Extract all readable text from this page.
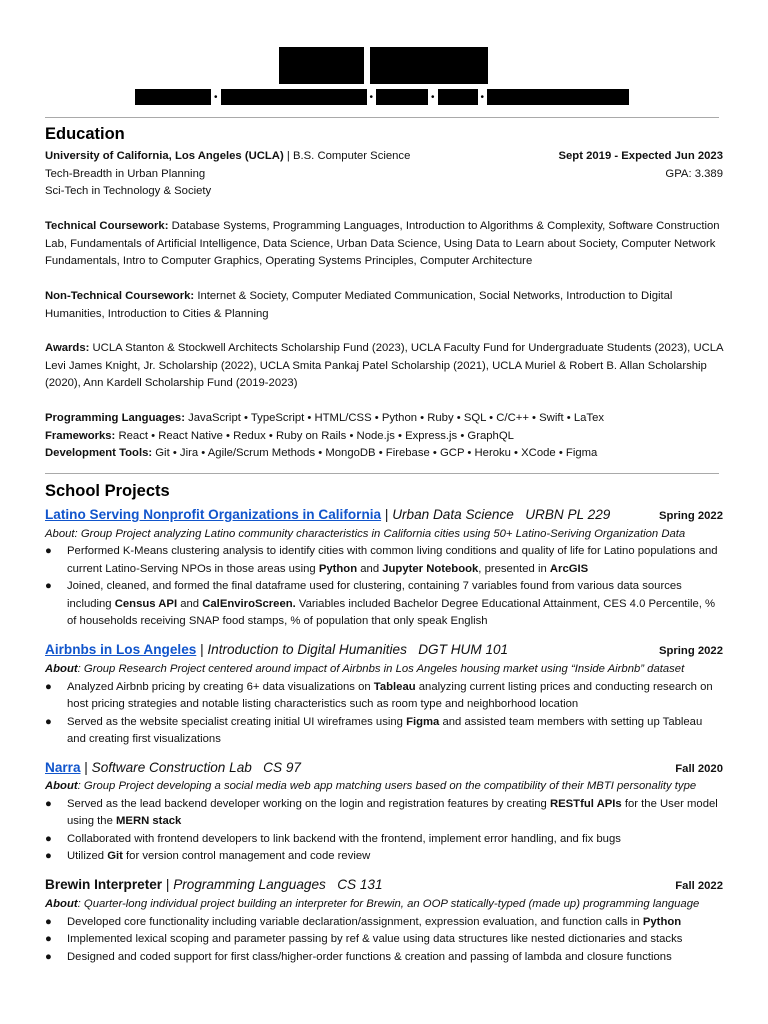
•	•	•	•
Education
University of California, Los Angeles (UCLA) | B.S. Computer Science	Sept 2019 - Expected Jun 2023
Tech-Breadth in Urban Planning	GPA: 3.389
Sci-Tech in Technology & Society
Technical Coursework: Database Systems, Programming Languages, Introduction to Algorithms & Complexity, Software Construction Lab, Fundamentals of Artificial Intelligence, Data Science, Urban Data Science, Using Data to Learn about Society, Computer Network Fundamentals, Intro to Computer Graphics, Operating Systems Principles, Computer Architecture
Non-Technical Coursework: Internet & Society, Computer Mediated Communication, Social Networks, Introduction to Digital Humanities, Introduction to Cities & Planning
Awards: UCLA Stanton & Stockwell Architects Scholarship Fund (2023), UCLA Faculty Fund for Undergraduate Students (2023), UCLA Levi James Knight, Jr. Scholarship (2022), UCLA Smita Pankaj Patel Scholarship (2021), UCLA Muriel & Robert B. Allan Scholarship (2020), Ann Kardell Scholarship Fund (2019-2023)
Programming Languages: JavaScript • TypeScript • HTML/CSS • Python • Ruby • SQL • C/C++ • Swift • LaTex
Frameworks: React • React Native • Redux • Ruby on Rails • Node.js • Express.js • GraphQL
Development Tools: Git • Jira • Agile/Scrum Methods • MongoDB • Firebase • GCP • Heroku • XCode • Figma
School Projects
Latino Serving Nonprofit Organizations in California | Urban Data Science URBN PL 229	Spring 2022
About: Group Project analyzing Latino community characteristics in California cities using 50+ Latino-Seriving Organization Data
● Performed K-Means clustering analysis to identify cities with common living conditions and quality of life for Latino populations and current Latino-Serving NPOs in those areas using Python and Jupyter Notebook, presented in ArcGIS
● Joined, cleaned, and formed the final dataframe used for clustering, containing 7 variables found from various data sources including Census API and CalEnviroScreen. Variables included Bachelor Degree Educational Attainment, CES 4.0 Percentile, % of households receiving SNAP food stamps, % of population that only speak English
Airbnbs in Los Angeles | Introduction to Digital Humanities DGT HUM 101	Spring 2022
About: Group Research Project centered around impact of Airbnbs in Los Angeles housing market using “Inside Airbnb” dataset
● Analyzed Airbnb pricing by creating 6+ data visualizations on Tableau analyzing current listing prices and conducting research on host pricing strategies and notable listing characteristics such as room type and neighborhood location
● Served as the website specialist creating initial UI wireframes using Figma and assisted team members with setting up Tableau and creating first visualizations
Narra | Software Construction Lab CS 97	Fall 2020
About: Group Project developing a social media web app matching users based on the compatibility of their MBTI personality type
● Served as the lead backend developer working on the login and registration features by creating RESTful APIs for the User model using the MERN stack
● Collaborated with frontend developers to link backend with the frontend, implement error handling, and fix bugs
● Utilized Git for version control management and code review
Brewin Interpreter | Programming Languages CS 131	Fall 2022
About: Quarter-long individual project building an interpreter for Brewin, an OOP statically-typed (made up) programming language
● Developed core functionality including variable declaration/assignment, expression evaluation, and function calls in Python
● Implemented lexical scoping and parameter passing by ref & value using data structures like nested dictionaries and stacks
● Designed and coded support for first class/higher-order functions & creation and passing of lambda and closure functions
